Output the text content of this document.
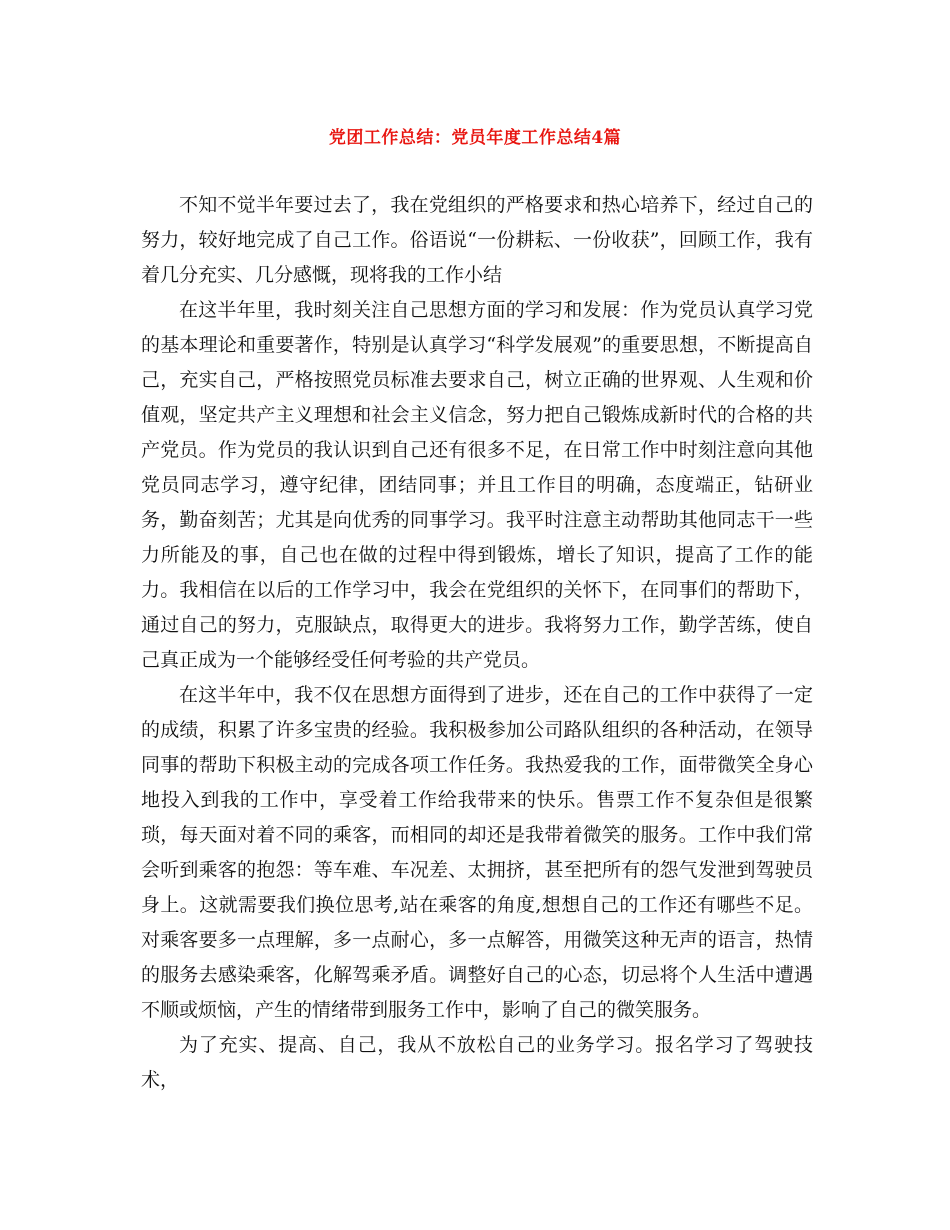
党团工作总结：党员年度工作总结4篇

不知不觉半年要过去了，我在党组织的严格要求和热心培养下，经过自己的努力，较好地完成了自己工作。俗语说“一份耕耘、一份收获”，回顾工作，我有着几分充实、几分感慨，现将我的工作小结

在这半年里，我时刻关注自己思想方面的学习和发展：作为党员认真学习党的基本理论和重要著作，特别是认真学习“科学发展观”的重要思想，不断提高自己，充实自己，严格按照党员标准去要求自己，树立正确的世界观、人生观和价值观，坚定共产主义理想和社会主义信念，努力把自己锻炼成新时代的合格的共产党员。作为党员的我认识到自己还有很多不足，在日常工作中时刻注意向其他党员同志学习，遵守纪律，团结同事；并且工作目的明确，态度端正，钻研业务，勤奋刻苦；尤其是向优秀的同事学习。我平时注意主动帮助其他同志干一些力所能及的事，自己也在做的过程中得到锻炼，增长了知识，提高了工作的能力。我相信在以后的工作学习中，我会在党组织的关怀下，在同事们的帮助下，通过自己的努力，克服缺点，取得更大的进步。我将努力工作，勤学苦练，使自己真正成为一个能够经受任何考验的共产党员。

在这半年中，我不仅在思想方面得到了进步，还在自己的工作中获得了一定的成绩，积累了许多宝贵的经验。我积极参加公司路队组织的各种活动，在领导同事的帮助下积极主动的完成各项工作任务。我热爱我的工作，面带微笑全身心地投入到我的工作中，享受着工作给我带来的快乐。售票工作不复杂但是很繁琐，每天面对着不同的乘客，而相同的却还是我带着微笑的服务。工作中我们常会听到乘客的抱怨：等车难、车况差、太拥挤，甚至把所有的怨气发泄到驾驶员身上。这就需要我们换位思考,站在乘客的角度,想想自己的工作还有哪些不足。对乘客要多一点理解，多一点耐心，多一点解答，用微笑这种无声的语言，热情的服务去感染乘客，化解驾乘矛盾。调整好自己的心态，切忌将个人生活中遭遇不顺或烦恼，产生的情绪带到服务工作中，影响了自己的微笑服务。

为了充实、提高、自己，我从不放松自己的业务学习。报名学习了驾驶技术，
